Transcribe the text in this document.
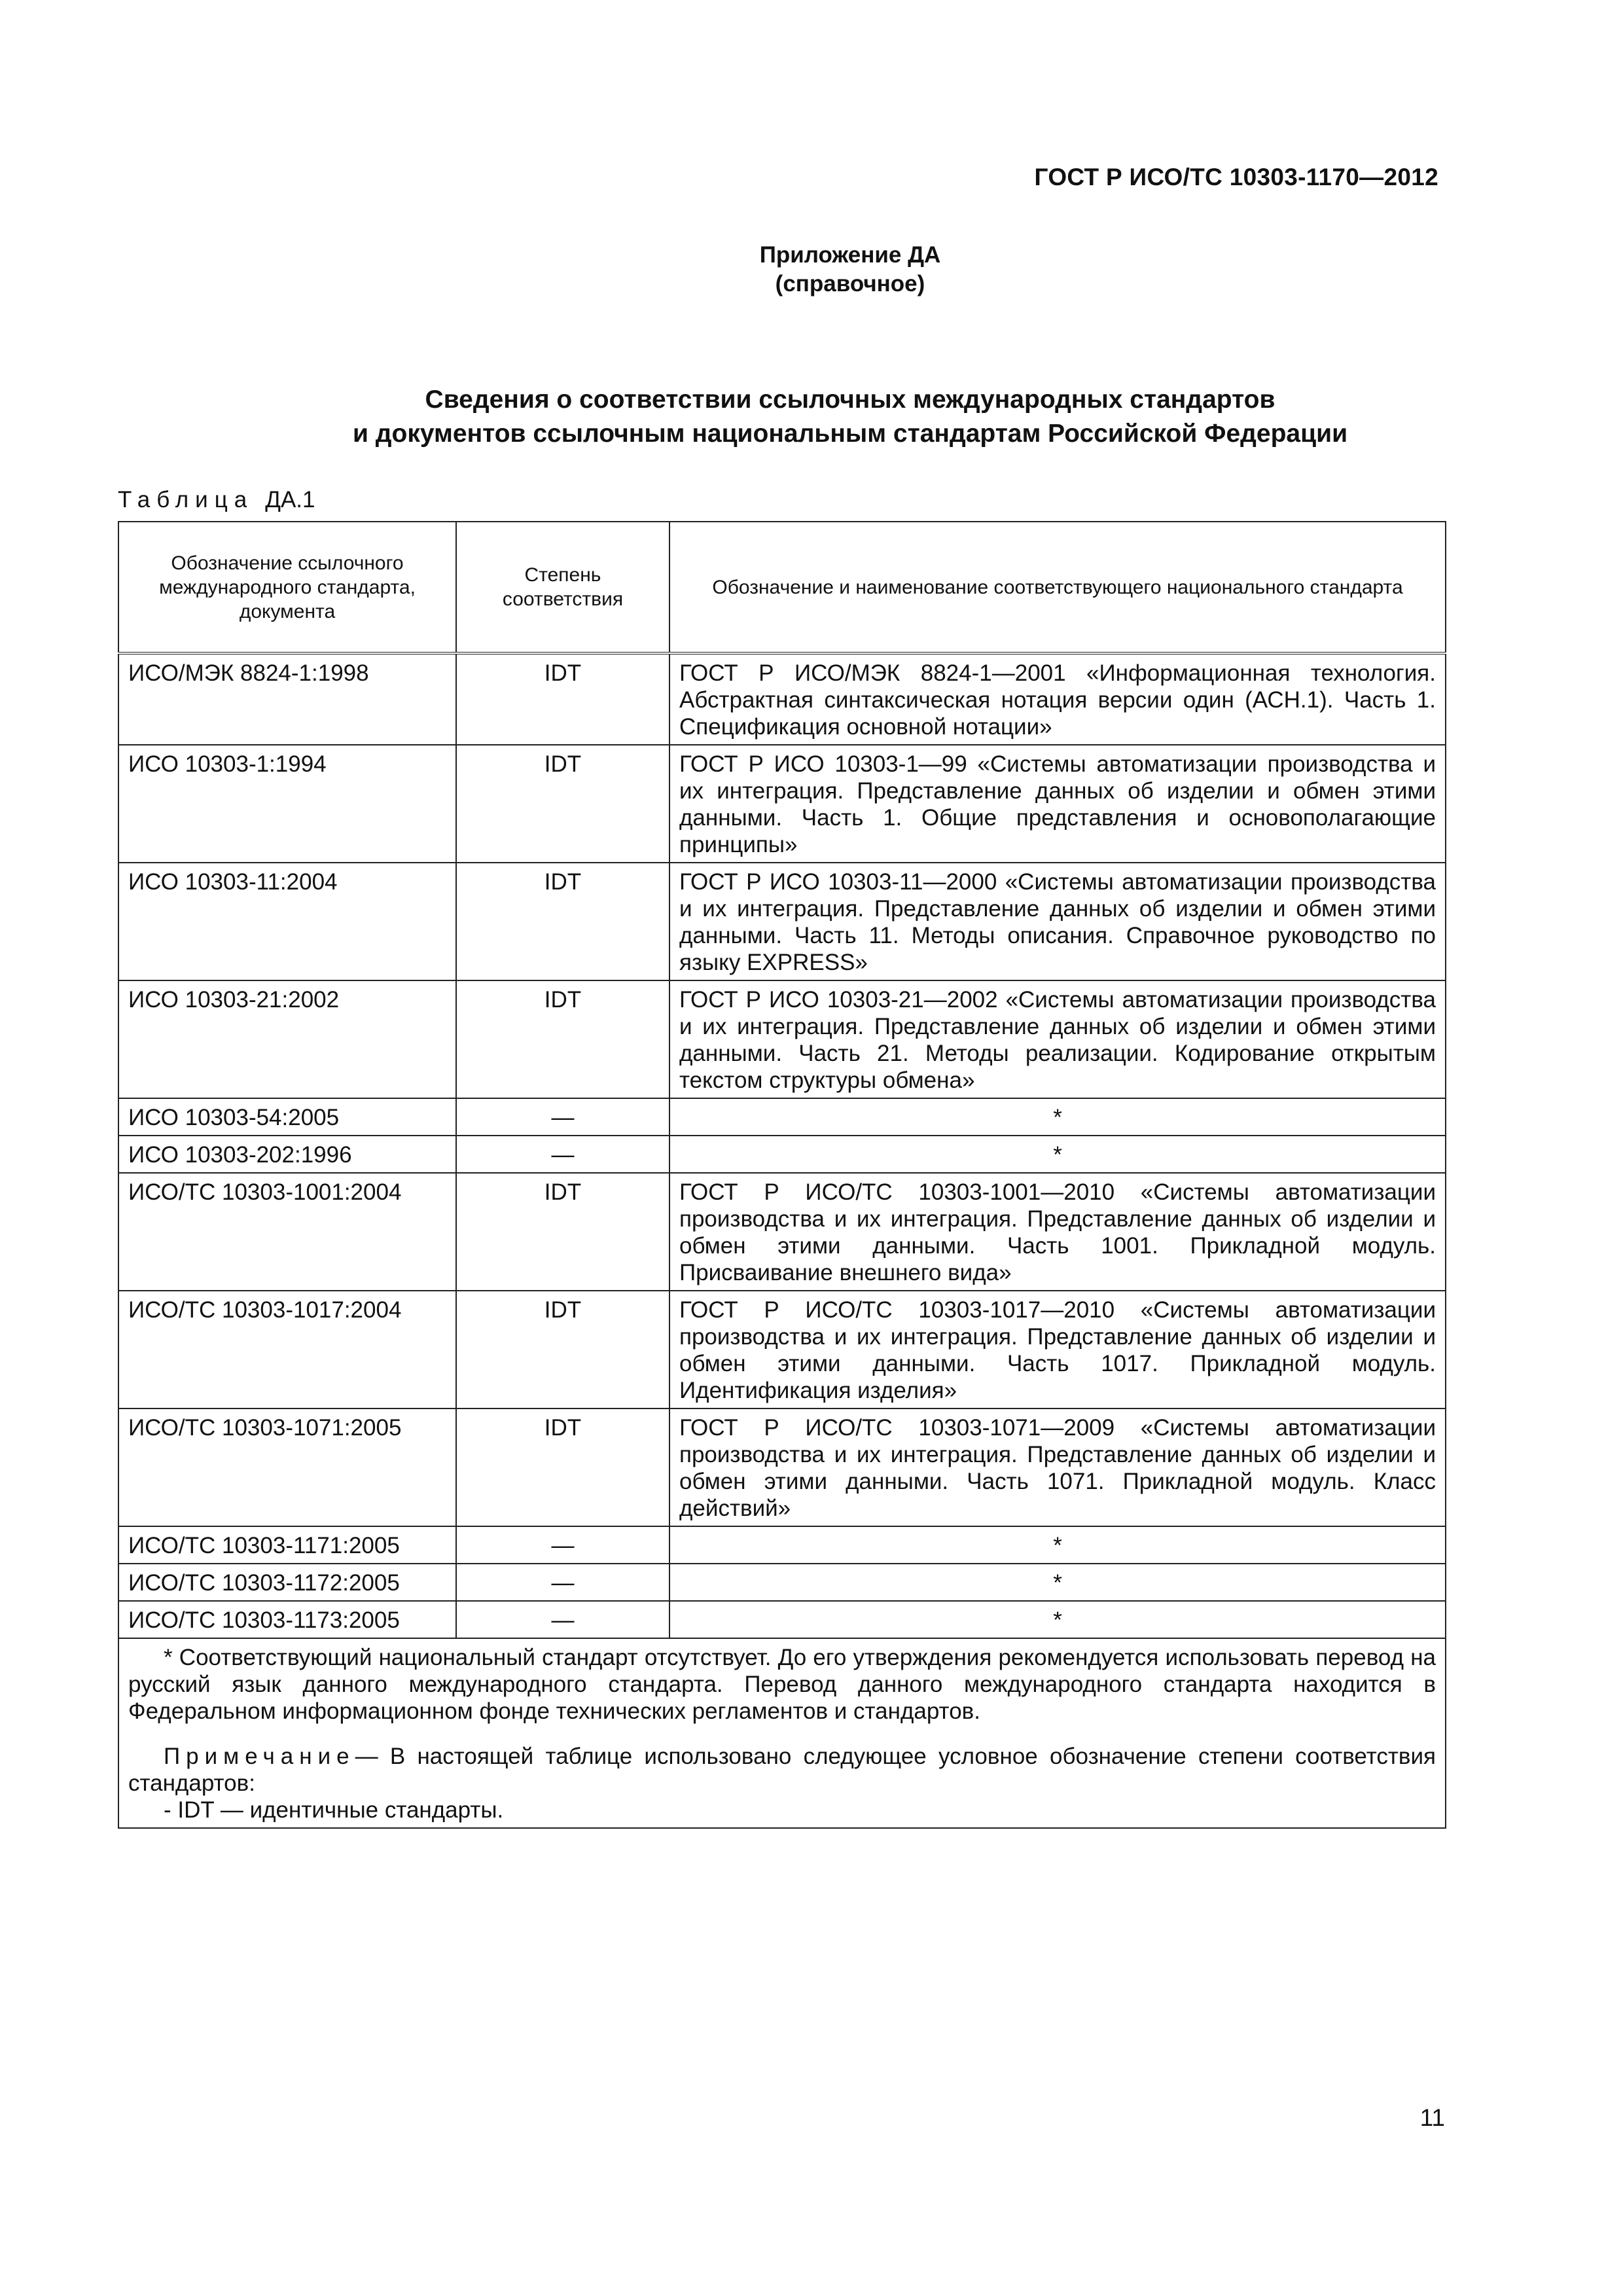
ГОСТ Р ИСО/ТС 10303-1170—2012
Приложение ДА
(справочное)
Сведения о соответствии ссылочных международных стандартов
и документов ссылочным национальным стандартам Российской Федерации
Таблица ДА.1
Обозначение ссылочного международного стандарта, документа	Степень соответствия	Обозначение и наименование соответствующего национального стандарта
ИСО/МЭК 8824-1:1998	IDT	ГОСТ Р ИСО/МЭК 8824-1—2001 «Информационная технология. Абстрактная синтаксическая нотация версии один (АСН.1). Часть 1. Спецификация основной нотации»
ИСО 10303-1:1994	IDT	ГОСТ Р ИСО 10303-1—99 «Системы автоматизации производства и их интеграция. Представление данных об изделии и обмен этими данными. Часть 1. Общие представления и основополагающие принципы»
ИСО 10303-11:2004	IDT	ГОСТ Р ИСО 10303-11—2000 «Системы автоматизации производства и их интеграция. Представление данных об изделии и обмен этими данными. Часть 11. Методы описания. Справочное руководство по языку EXPRESS»
ИСО 10303-21:2002	IDT	ГОСТ Р ИСО 10303-21—2002 «Системы автоматизации производства и их интеграция. Представление данных об изделии и обмен этими данными. Часть 21. Методы реализации. Кодирование открытым текстом структуры обмена»
ИСО 10303-54:2005	—	*
ИСО 10303-202:1996	—	*
ИСО/ТС 10303-1001:2004	IDT	ГОСТ Р ИСО/ТС 10303-1001—2010 «Системы автоматизации производства и их интеграция. Представление данных об изделии и обмен этими данными. Часть 1001. Прикладной модуль. Присваивание внешнего вида»
ИСО/ТС 10303-1017:2004	IDT	ГОСТ Р ИСО/ТС 10303-1017—2010 «Системы автоматизации производства и их интеграция. Представление данных об изделии и обмен этими данными. Часть 1017. Прикладной модуль. Идентификация изделия»
ИСО/ТС 10303-1071:2005	IDT	ГОСТ Р ИСО/ТС 10303-1071—2009 «Системы автоматизации производства и их интеграция. Представление данных об изделии и обмен этими данными. Часть 1071. Прикладной модуль. Класс действий»
ИСО/ТС 10303-1171:2005	—	*
ИСО/ТС 10303-1172:2005	—	*
ИСО/ТС 10303-1173:2005	—	*

* Соответствующий национальный стандарт отсутствует. До его утверждения рекомендуется использовать перевод на русский язык данного международного стандарта. Перевод данного международного стандарта находится в Федеральном информационном фонде технических регламентов и стандартов.

Примечание— В настоящей таблице использовано следующее условное обозначение степени соответствия стандартов:

- IDT — идентичные стандарты.		

11
